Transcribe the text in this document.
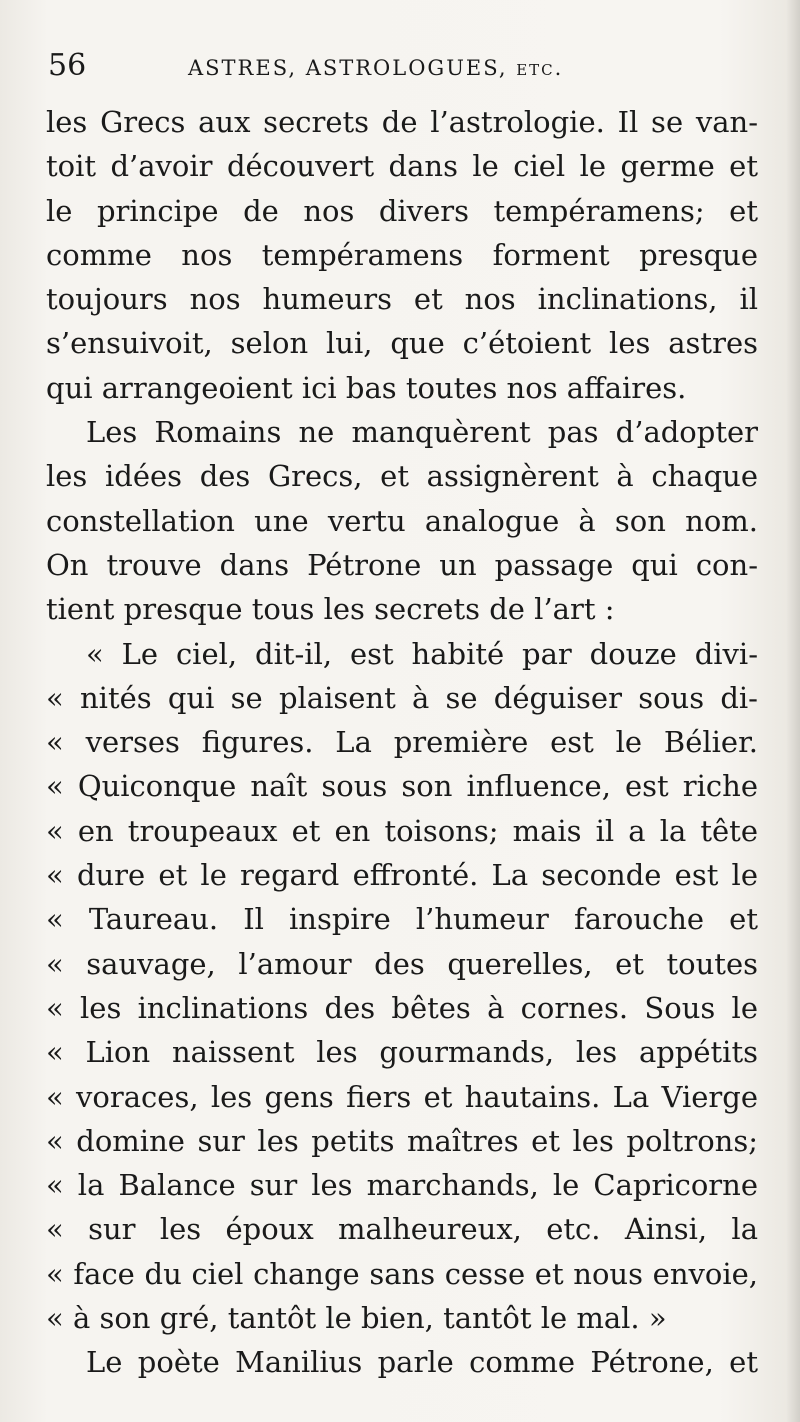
56	ASTRES, ASTROLOGUES, etc.
les Grecs aux secrets de l’astrologie. Il se van-
toit d’avoir découvert dans le ciel le germe et
le principe de nos divers tempéramens; et
comme nos tempéramens forment presque
toujours nos humeurs et nos inclinations, il
s’ensuivoit, selon lui, que c’étoient les astres
qui arrangeoient ici bas toutes nos affaires.
Les Romains ne manquèrent pas d’adopter
les idées des Grecs, et assignèrent à chaque
constellation une vertu analogue à son nom.
On trouve dans Pétrone un passage qui con-
tient presque tous les secrets de l’art :
« Le ciel, dit-il, est habité par douze divi-
« nités qui se plaisent à se déguiser sous di-
« verses figures. La première est le Bélier.
« Quiconque naît sous son influence, est riche
« en troupeaux et en toisons; mais il a la tête
« dure et le regard effronté. La seconde est le
« Taureau. Il inspire l’humeur farouche et
« sauvage, l’amour des querelles, et toutes
« les inclinations des bêtes à cornes. Sous le
« Lion naissent les gourmands, les appétits
« voraces, les gens fiers et hautains. La Vierge
« domine sur les petits maîtres et les poltrons;
« la Balance sur les marchands, le Capricorne
« sur les époux malheureux, etc. Ainsi, la
« face du ciel change sans cesse et nous envoie,
« à son gré, tantôt le bien, tantôt le mal. »
Le poète Manilius parle comme Pétrone, et
